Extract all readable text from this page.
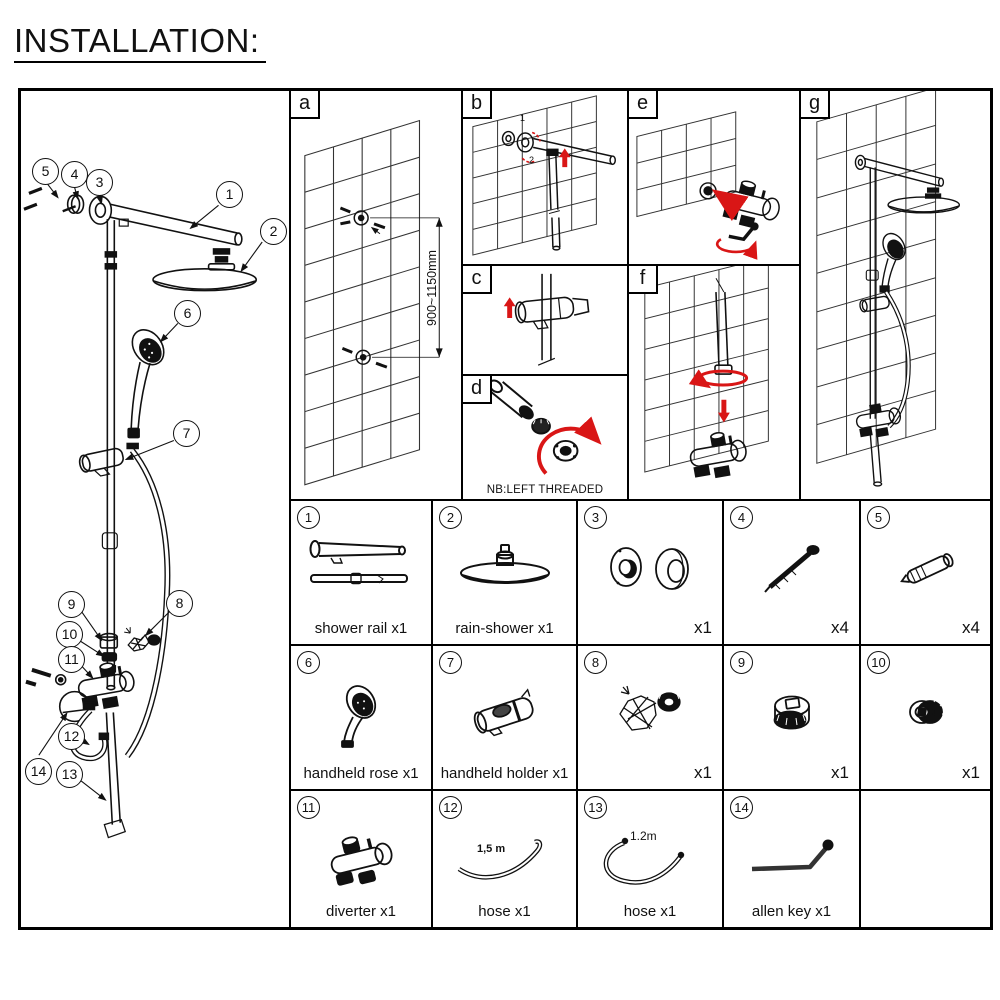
INSTALLATION:
1
2
3
4
5
6
7
8
9
10
11
12
13
14
900~1150mm
a
1
2
b
c
NB:LEFT THREADED
d
e
f
g
1
shower rail x1
2
rain-shower x1
3
x1
4
x4
5
x4
6
handheld rose x1
7
handheld holder x1
8
x1
9
x1
10
x1
11
diverter x1
12
1,5 m
hose x1
13
1.2m
hose x1
14
allen key x1
